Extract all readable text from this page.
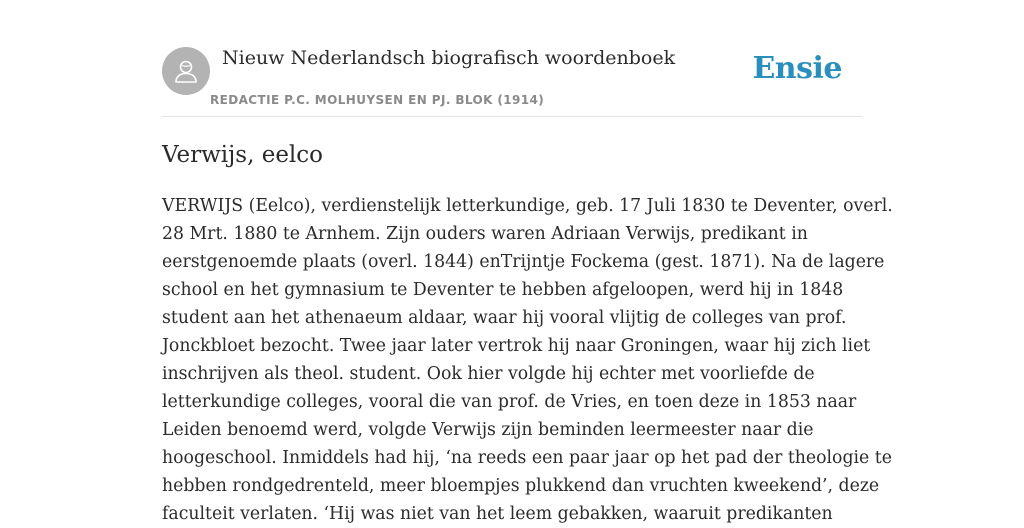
Nieuw Nederlandsch biografisch woordenboek
REDACTIE P.C. MOLHUYSEN EN PJ. BLOK (1914)
Ensie
Verwijs, eelco

VERWIJS (Eelco), verdienstelijk letterkundige, geb. 17 Juli 1830 te Deventer, overl.
28 Mrt. 1880 te Arnhem. Zijn ouders waren Adriaan Verwijs, predikant in
eerstgenoemde plaats (overl. 1844) enTrijntje Fockema (gest. 1871). Na de lagere
school en het gymnasium te Deventer te hebben afgeloopen, werd hij in 1848
student aan het athenaeum aldaar, waar hij vooral vlijtig de colleges van prof.
Jonckbloet bezocht. Twee jaar later vertrok hij naar Groningen, waar hij zich liet
inschrijven als theol. student. Ook hier volgde hij echter met voorliefde de
letterkundige colleges, vooral die van prof. de Vries, en toen deze in 1853 naar
Leiden benoemd werd, volgde Verwijs zijn beminden leermeester naar die
hoogeschool. Inmiddels had hij, ‘na reeds een paar jaar op het pad der theologie te
hebben rondgedrenteld, meer bloempjes plukkend dan vruchten kweekend’, deze
faculteit verlaten. ‘Hij was niet van het leem gebakken, waaruit predikanten
